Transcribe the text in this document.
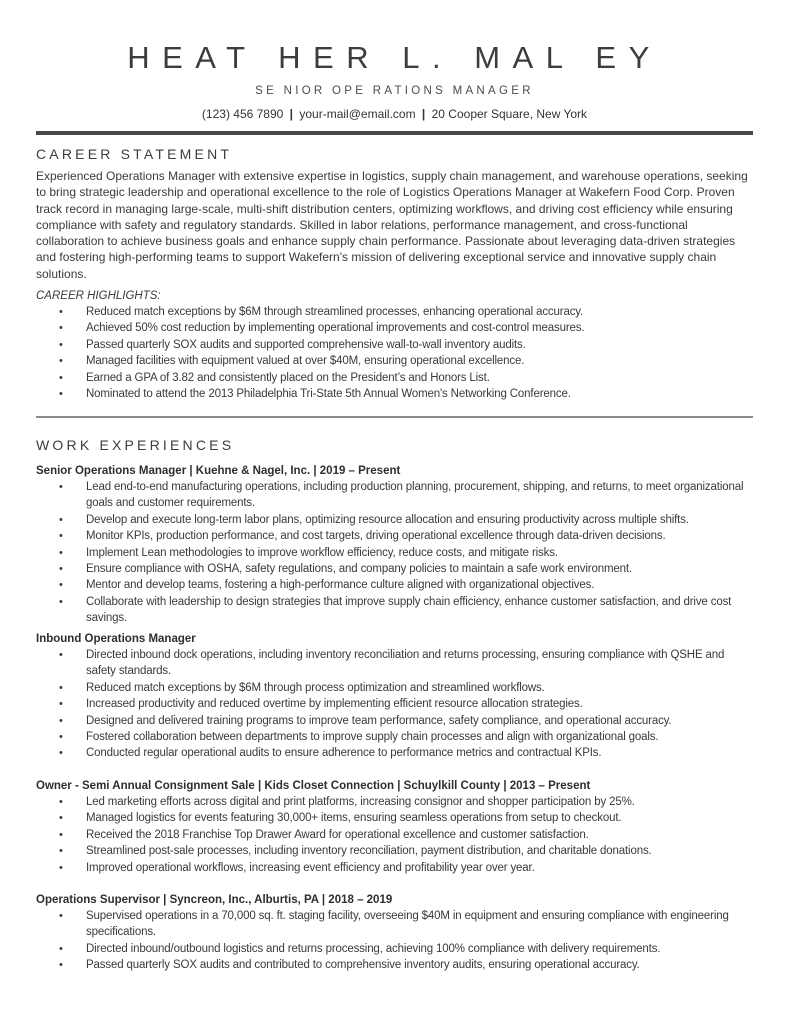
HEAT HER L. MAL EY
SE NIOR OPE RATIONS MANAGER
(123) 456 7890 | your-mail@email.com | 20 Cooper Square, New York
CAREER STATEMENT

Experienced Operations Manager with extensive expertise in logistics, supply chain management, and warehouse operations, seeking to bring strategic leadership and operational excellence to the role of Logistics Operations Manager at Wakefern Food Corp. Proven track record in managing large-scale, multi-shift distribution centers, optimizing workflows, and driving cost efficiency while ensuring compliance with safety and regulatory standards. Skilled in labor relations, performance management, and cross-functional collaboration to achieve business goals and enhance supply chain performance. Passionate about leveraging data-driven strategies and fostering high-performing teams to support Wakefern's mission of delivering exceptional service and innovative supply chain solutions.

CAREER HIGHLIGHTS:
• Reduced match exceptions by $6M through streamlined processes, enhancing operational accuracy.
• Achieved 50% cost reduction by implementing operational improvements and cost-control measures.
• Passed quarterly SOX audits and supported comprehensive wall-to-wall inventory audits.
• Managed facilities with equipment valued at over $40M, ensuring operational excellence.
• Earned a GPA of 3.82 and consistently placed on the President’s and Honors List.
• Nominated to attend the 2013 Philadelphia Tri-State 5th Annual Women's Networking Conference.
WORK EXPERIENCES
Senior Operations Manager | Kuehne & Nagel, Inc. | 2019 – Present
• Lead end-to-end manufacturing operations, including production planning, procurement, shipping, and returns, to meet organizational goals and customer requirements.
• Develop and execute long-term labor plans, optimizing resource allocation and ensuring productivity across multiple shifts.
• Monitor KPIs, production performance, and cost targets, driving operational excellence through data-driven decisions.
• Implement Lean methodologies to improve workflow efficiency, reduce costs, and mitigate risks.
• Ensure compliance with OSHA, safety regulations, and company policies to maintain a safe work environment.
• Mentor and develop teams, fostering a high-performance culture aligned with organizational objectives.
• Collaborate with leadership to design strategies that improve supply chain efficiency, enhance customer satisfaction, and drive cost savings.
Inbound Operations Manager
• Directed inbound dock operations, including inventory reconciliation and returns processing, ensuring compliance with QSHE and safety standards.
• Reduced match exceptions by $6M through process optimization and streamlined workflows.
• Increased productivity and reduced overtime by implementing efficient resource allocation strategies.
• Designed and delivered training programs to improve team performance, safety compliance, and operational accuracy.
• Fostered collaboration between departments to improve supply chain processes and align with organizational goals.
• Conducted regular operational audits to ensure adherence to performance metrics and contractual KPIs.
Owner - Semi Annual Consignment Sale | Kids Closet Connection | Schuylkill County | 2013 – Present
• Led marketing efforts across digital and print platforms, increasing consignor and shopper participation by 25%.
• Managed logistics for events featuring 30,000+ items, ensuring seamless operations from setup to checkout.
• Received the 2018 Franchise Top Drawer Award for operational excellence and customer satisfaction.
• Streamlined post-sale processes, including inventory reconciliation, payment distribution, and charitable donations.
• Improved operational workflows, increasing event efficiency and profitability year over year.
Operations Supervisor | Syncreon, Inc., Alburtis, PA | 2018 – 2019
• Supervised operations in a 70,000 sq. ft. staging facility, overseeing $40M in equipment and ensuring compliance with engineering specifications.
• Directed inbound/outbound logistics and returns processing, achieving 100% compliance with delivery requirements.
• Passed quarterly SOX audits and contributed to comprehensive inventory audits, ensuring operational accuracy.
